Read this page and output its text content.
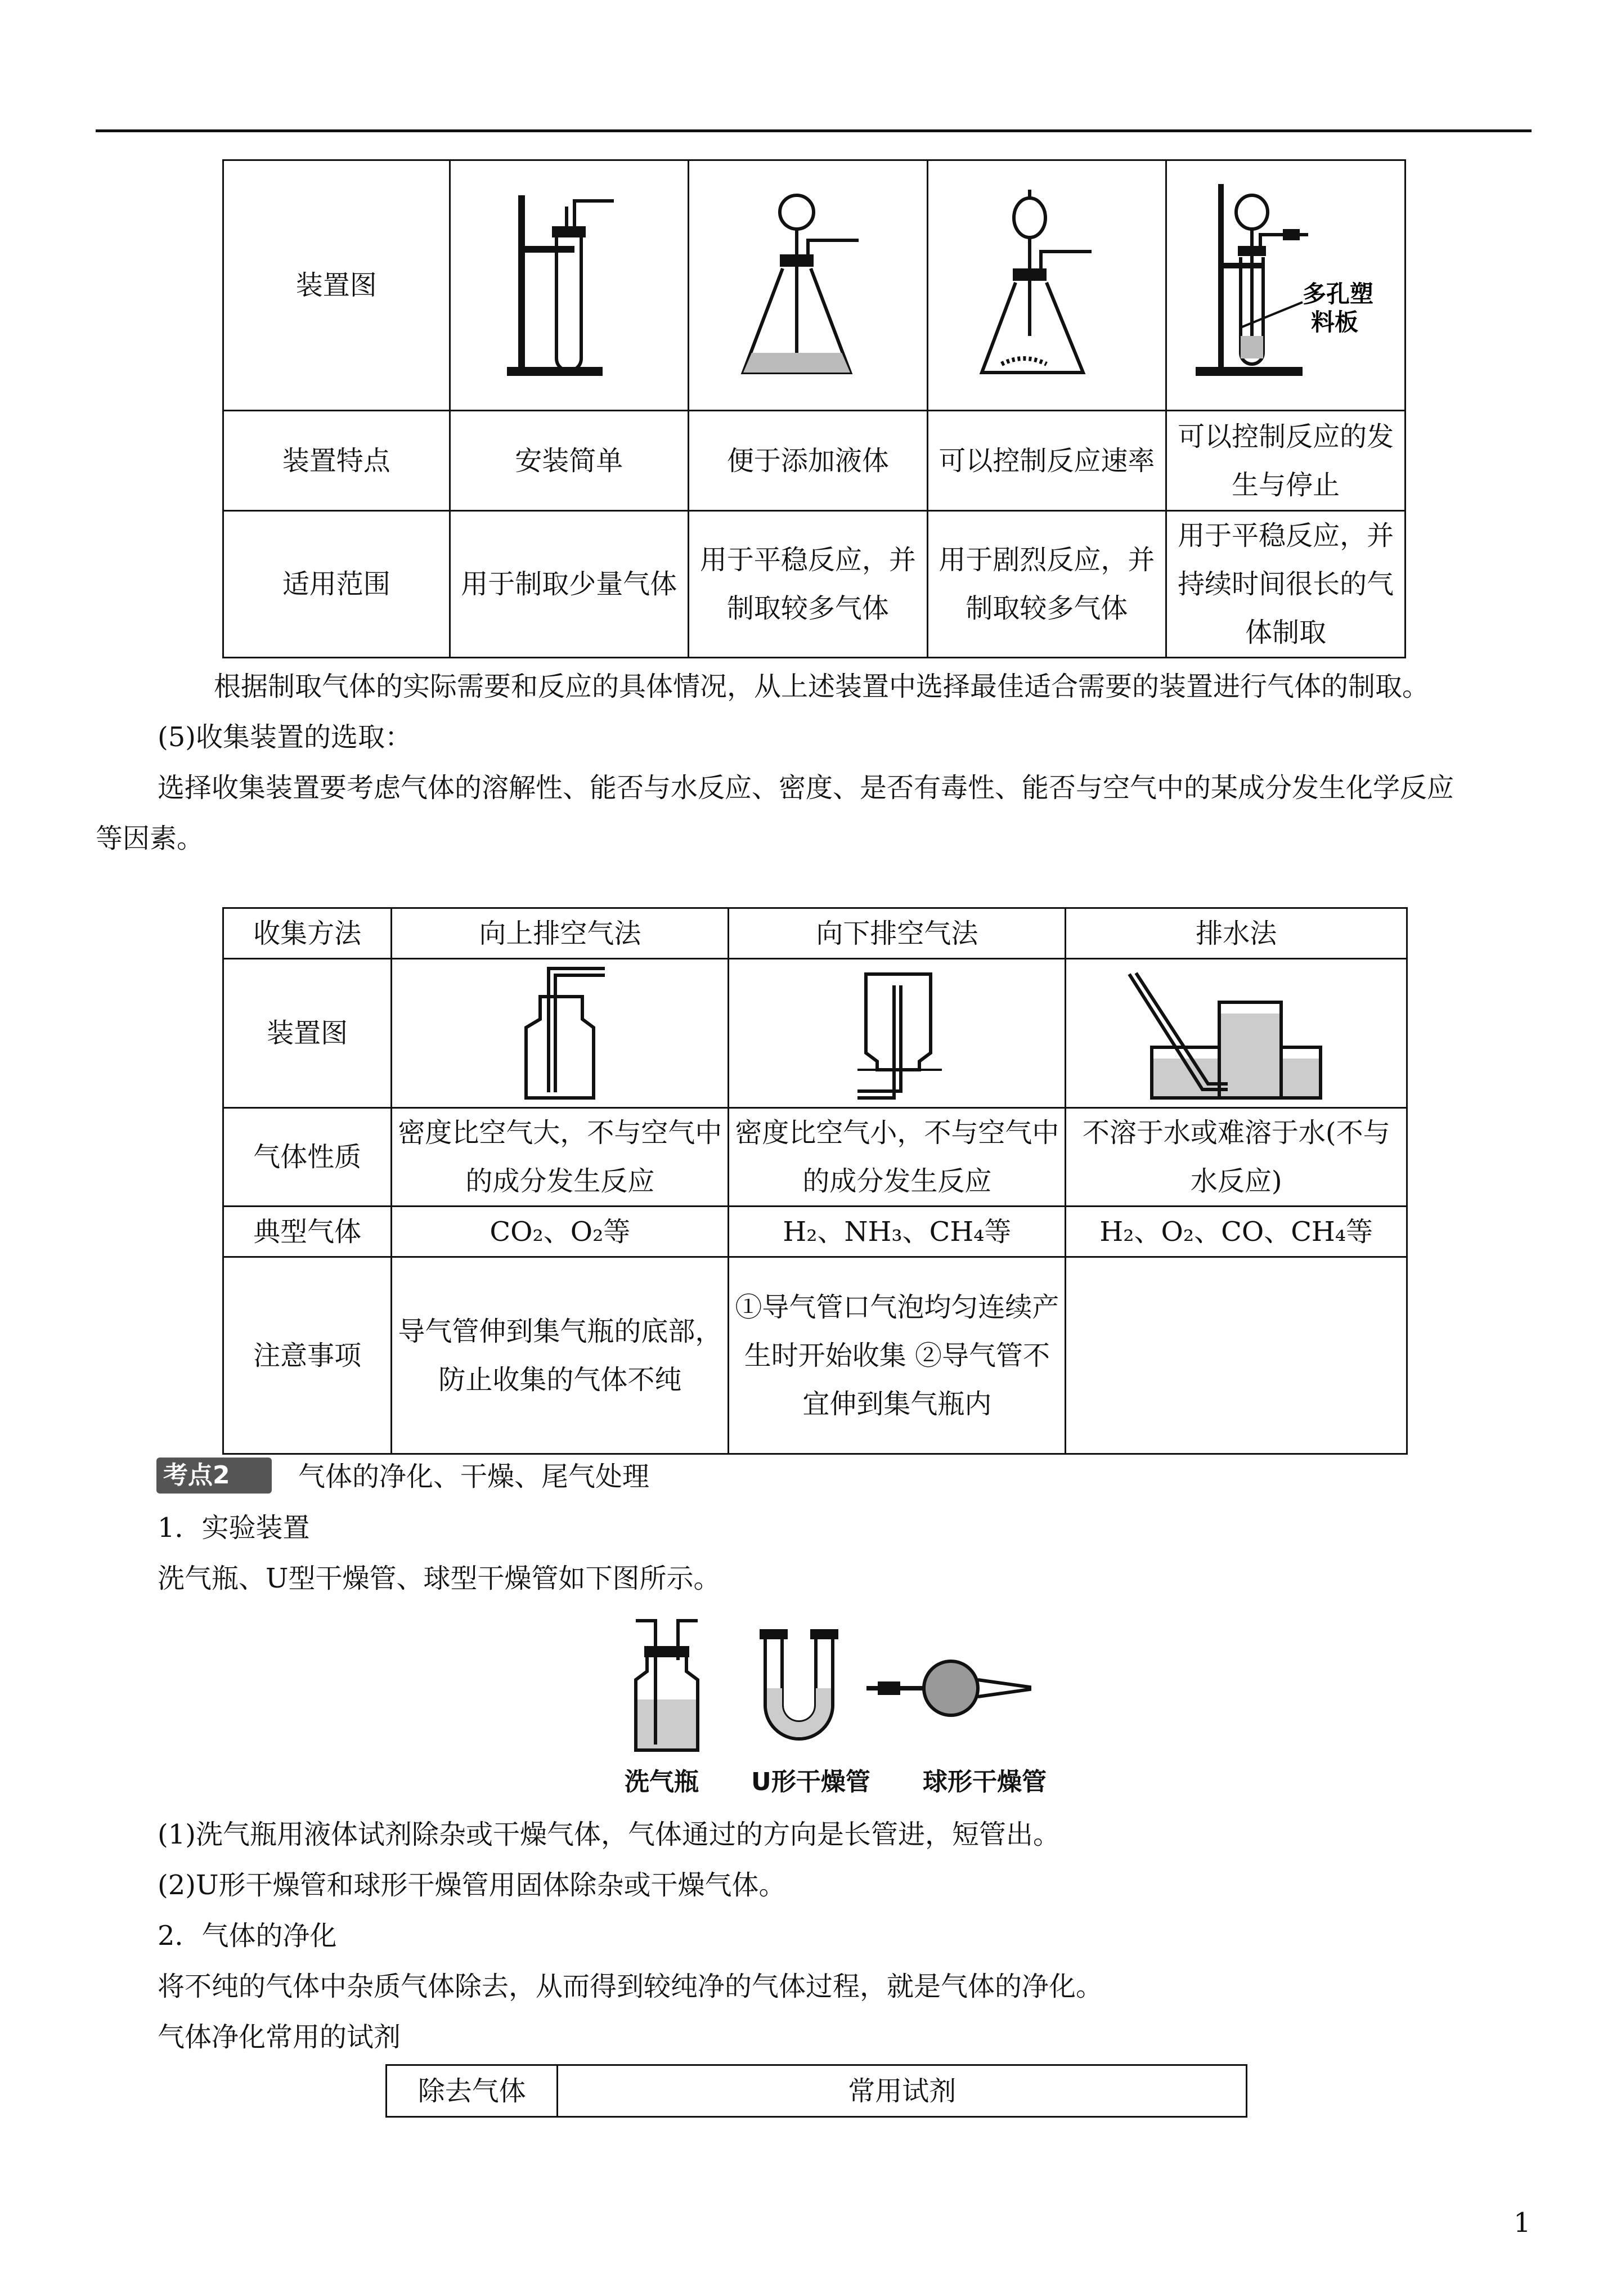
装置图				多孔塑
料板

装置特点	安装简单	便于添加液体	可以控制反应速率	可以控制反应的发生与停止
适用范围	用于制取少量气体	用于平稳反应，并制取较多气体	用于剧烈反应，并制取较多气体	用于平稳反应，并持续时间很长的气体制取
根据制取气体的实际需要和反应的具体情况，从上述装置中选择最佳适合需要的装置进行气体的制取。
(5)收集装置的选取：
选择收集装置要考虑气体的溶解性、能否与水反应、密度、是否有毒性、能否与空气中的某成分发生化学反应
等因素。
收集方法	向上排空气法	向下排空气法	排水法
装置图	

气体性质	密度比空气大，不与空气中的成分发生反应	密度比空气小，不与空气中的成分发生反应	不溶于水或难溶于水(不与水反应)
典型气体	CO₂、O₂等	H₂、NH₃、CH₄等	H₂、O₂、CO、CH₄等
注意事项	导气管伸到集气瓶的底部，防止收集的气体不纯	①导气管口气泡均匀连续产生时开始收集 ②导气管不宜伸到集气瓶内	
考点2	气体的净化、干燥、尾气处理
1．实验装置
洗气瓶、U型干燥管、球型干燥管如下图所示。
洗气瓶 U形干燥管 球形干燥管
(1)洗气瓶用液体试剂除杂或干燥气体，气体通过的方向是长管进，短管出。
(2)U形干燥管和球形干燥管用固体除杂或干燥气体。
2．气体的净化
将不纯的气体中杂质气体除去，从而得到较纯净的气体过程，就是气体的净化。
气体净化常用的试剂
除去气体	常用试剂
1
